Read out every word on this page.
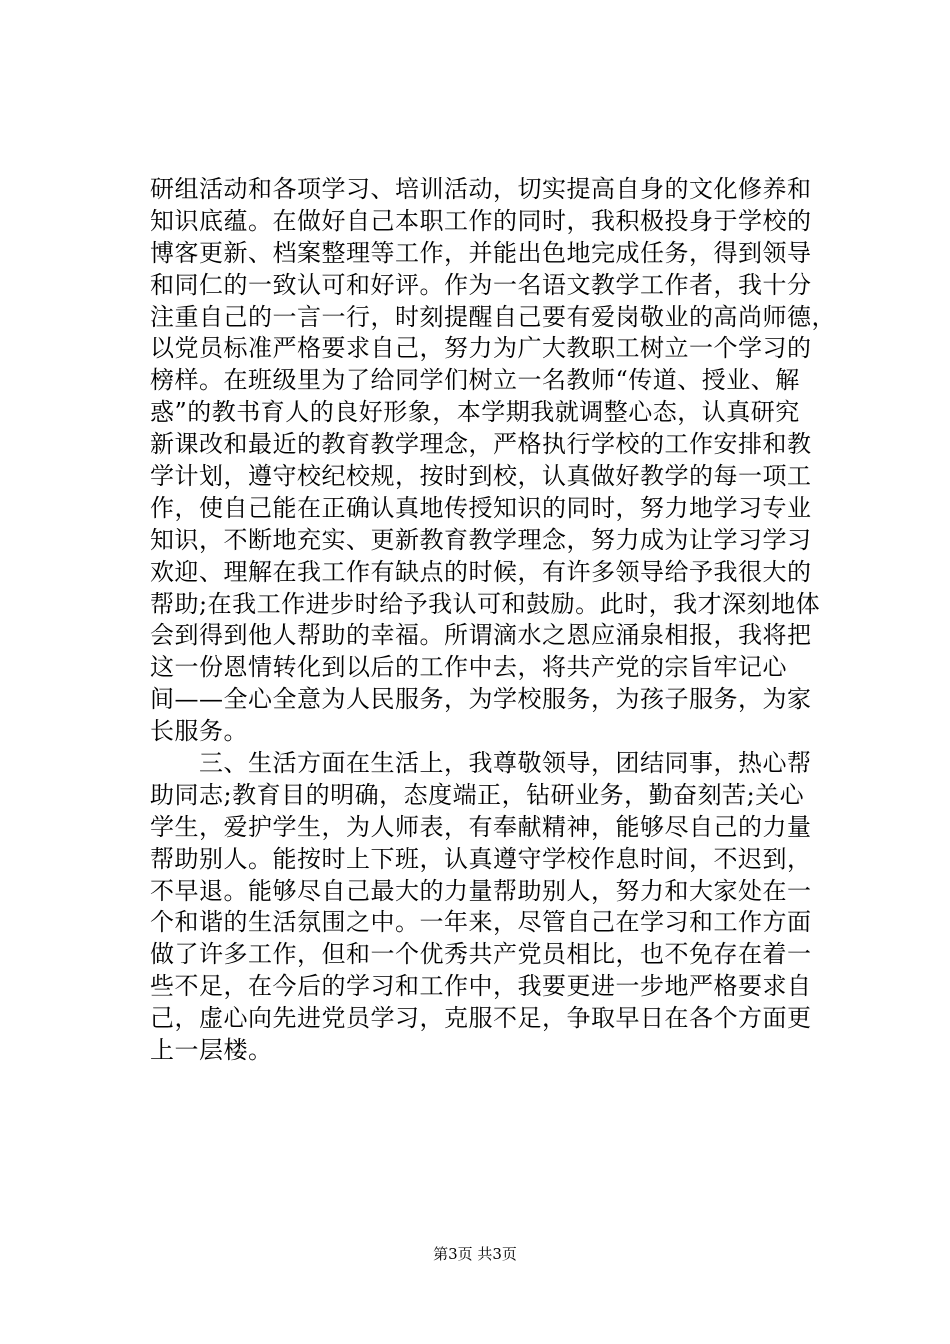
研组活动和各项学习、培训活动，切实提高自身的文化修养和
知识底蕴。在做好自己本职工作的同时，我积极投身于学校的
博客更新、档案整理等工作，并能出色地完成任务，得到领导
和同仁的一致认可和好评。作为一名语文教学工作者，我十分
注重自己的一言一行，时刻提醒自己要有爱岗敬业的高尚师德，
以党员标准严格要求自己，努力为广大教职工树立一个学习的
榜样。在班级里为了给同学们树立一名教师“传道、授业、解
惑”的教书育人的良好形象，本学期我就调整心态，认真研究
新课改和最近的教育教学理念，严格执行学校的工作安排和教
学计划，遵守校纪校规，按时到校，认真做好教学的每一项工
作，使自己能在正确认真地传授知识的同时，努力地学习专业
知识，不断地充实、更新教育教学理念，努力成为让学习学习
欢迎、理解在我工作有缺点的时候，有许多领导给予我很大的
帮助;在我工作进步时给予我认可和鼓励。此时，我才深刻地体
会到得到他人帮助的幸福。所谓滴水之恩应涌泉相报，我将把
这一份恩情转化到以后的工作中去，将共产党的宗旨牢记心
间——全心全意为人民服务，为学校服务，为孩子服务，为家
长服务。
　　三、生活方面在生活上，我尊敬领导，团结同事，热心帮
助同志;教育目的明确，态度端正，钻研业务，勤奋刻苦;关心
学生，爱护学生，为人师表，有奉献精神，能够尽自己的力量
帮助别人。能按时上下班，认真遵守学校作息时间，不迟到，
不早退。能够尽自己最大的力量帮助别人，努力和大家处在一
个和谐的生活氛围之中。一年来，尽管自己在学习和工作方面
做了许多工作，但和一个优秀共产党员相比，也不免存在着一
些不足，在今后的学习和工作中，我要更进一步地严格要求自
己，虚心向先进党员学习，克服不足，争取早日在各个方面更
上一层楼。
第3页 共3页
